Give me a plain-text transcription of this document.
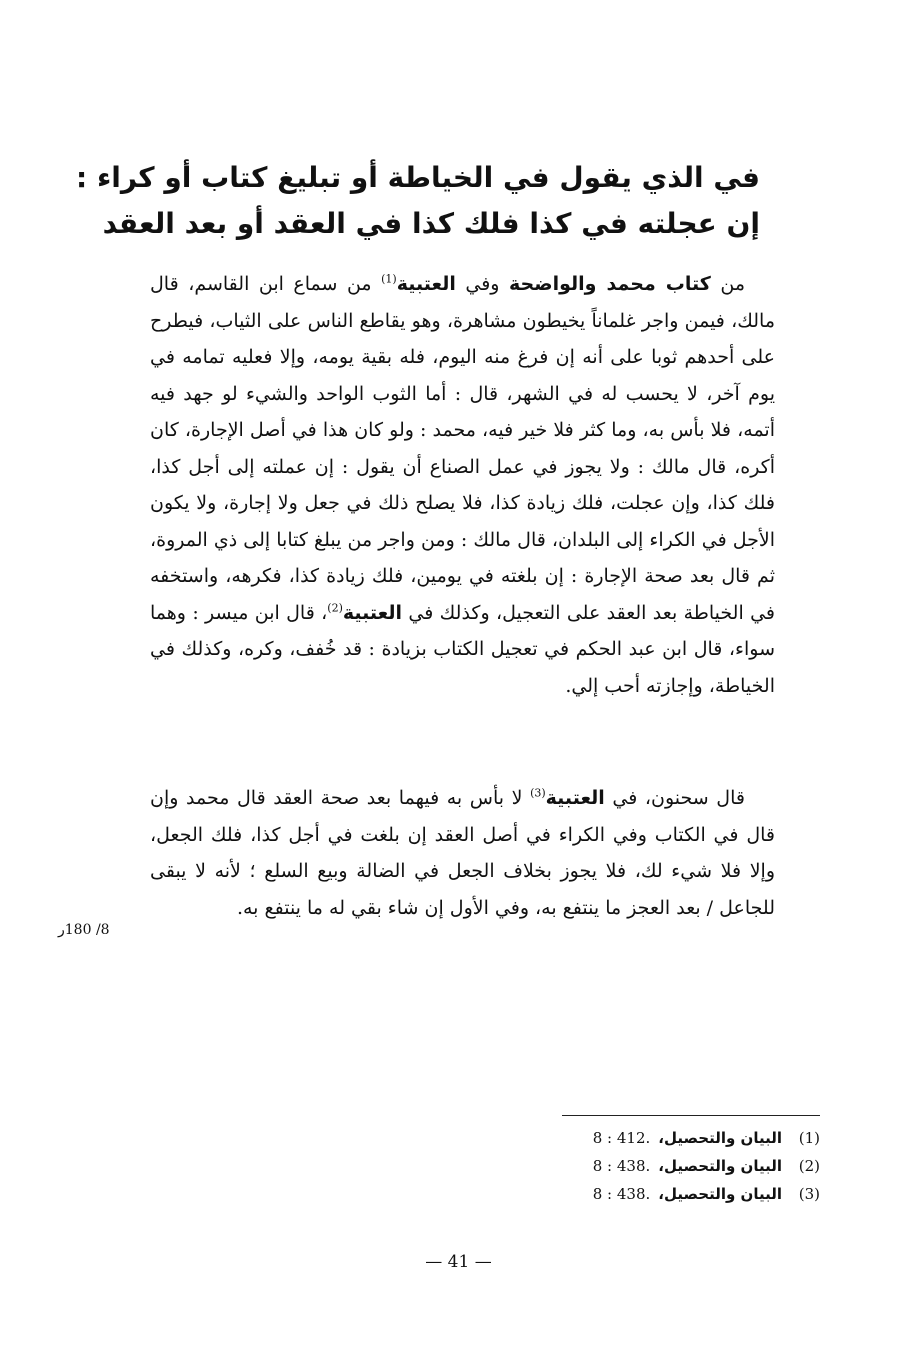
في الذي يقول في الخياطة أو تبليغ كتاب أو كراء :
إن عجلته في كذا فلك كذا في العقد أو بعد العقد

من كتاب محمد والواضحة وفي العتبية$^{(1)}$ من سماع ابن القاسم، قال مالك، فيمن واجر غلماناً يخيطون مشاهرة، وهو يقاطع الناس على الثياب، فيطرح على أحدهم ثوبا على أنه إن فرغ منه اليوم، فله بقية يومه، وإلا فعليه تمامه في يوم آخر، لا يحسب له في الشهر، قال : أما الثوب الواحد والشيء لو جهد فيه أتمه، فلا بأس به، وما كثر فلا خير فيه، محمد : ولو كان هذا في أصل الإجارة، كان أكره، قال مالك : ولا يجوز في عمل الصناع أن يقول : إن عملته إلى أجل كذا، فلك كذا، وإن عجلت، فلك زيادة كذا، فلا يصلح ذلك في جعل ولا إجارة، ولا يكون الأجل في الكراء إلى البلدان، قال مالك : ومن واجر من يبلغ كتابا إلى ذي المروة، ثم قال بعد صحة الإجارة : إن بلغته في يومين، فلك زيادة كذا، فكرهه، واستخفه في الخياطة بعد العقد على التعجيل، وكذلك في العتبية$^{(2)}$، قال ابن ميسر : وهما سواء، قال ابن عبد الحكم في تعجيل الكتاب بزيادة : قد خُفف، وكره، وكذلك في الخياطة، وإجازته أحب إلي.

قال سحنون، في العتبية$^{(3)}$ لا بأس به فيهما بعد صحة العقد قال محمد وإن قال في الكتاب وفي الكراء في أصل العقد إن بلغت في أجل كذا، فلك الجعل، وإلا فلا شيء لك، فلا يجوز بخلاف الجعل في الضالة وبيع السلع ؛ لأنه لا يبقى للجاعل / بعد العجز ما ينتفع به، وفي الأول إن شاء بقي له ما ينتفع به.

8/ 180ر
(1)
البيان والتحصيل،
8 : 412.
(2)
البيان والتحصيل،
8 : 438.
(3)
البيان والتحصيل،
8 : 438.
— 41 —
